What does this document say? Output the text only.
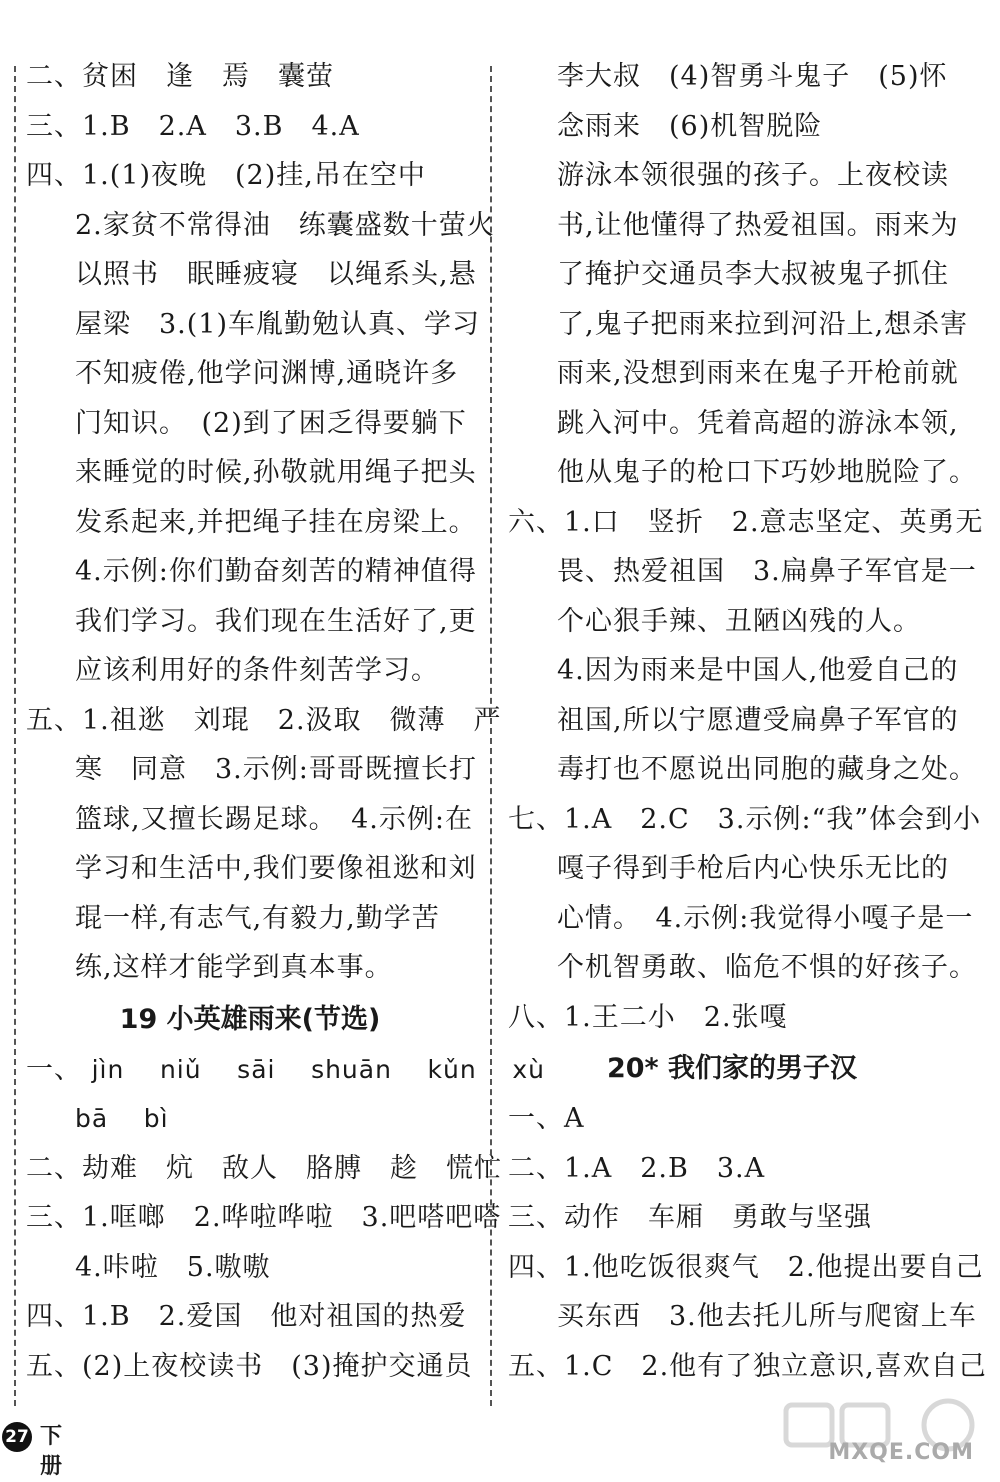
二、贫困　逢　焉　囊萤

三、1.B　2.A　3.B　4.A

四、1.(1)夜晚　(2)挂,吊在空中

2.家贫不常得油　练囊盛数十萤火

以照书　眠睡疲寝　以绳系头,悬

屋梁　3.(1)车胤勤勉认真、学习

不知疲倦,他学问渊博,通晓许多

门知识。　(2)到了困乏得要躺下

来睡觉的时候,孙敬就用绳子把头

发系起来,并把绳子挂在房梁上。

4.示例:你们勤奋刻苦的精神值得

我们学习。我们现在生活好了,更

应该利用好的条件刻苦学习。

五、1.祖逖　刘琨　2.汲取　微薄　严

寒　同意　3.示例:哥哥既擅长打

篮球,又擅长踢足球。　4.示例:在

学习和生活中,我们要像祖逖和刘

琨一样,有志气,有毅力,勤学苦

练,这样才能学到真本事。

19 小英雄雨来(节选)

一、 jìn niǔ sāi shuān kǔn xù

bā bì

二、劫难　炕　敌人　胳膊　趁　慌忙

三、1.哐啷　2.哗啦哗啦　3.吧嗒吧嗒

4.咔啦　5.嗷嗷

四、1.B　2.爱国　他对祖国的热爱

五、(2)上夜校读书　(3)掩护交通员

李大叔　(4)智勇斗鬼子　(5)怀

念雨来　(6)机智脱险

游泳本领很强的孩子。上夜校读

书,让他懂得了热爱祖国。雨来为

了掩护交通员李大叔被鬼子抓住

了,鬼子把雨来拉到河沿上,想杀害

雨来,没想到雨来在鬼子开枪前就

跳入河中。凭着高超的游泳本领,

他从鬼子的枪口下巧妙地脱险了。

六、1.口　竖折　2.意志坚定、英勇无

畏、热爱祖国　3.扁鼻子军官是一

个心狠手辣、丑陋凶残的人。

4.因为雨来是中国人,他爱自己的

祖国,所以宁愿遭受扁鼻子军官的

毒打也不愿说出同胞的藏身之处。

七、1.A　2.C　3.示例:“我”体会到小

嘎子得到手枪后内心快乐无比的

心情。　4.示例:我觉得小嘎子是一

个机智勇敢、临危不惧的好孩子。

八、1.王二小　2.张嘎

20* 我们家的男子汉

一、A

二、1.A　2.B　3.A

三、动作　车厢　勇敢与坚强

四、1.他吃饭很爽气　2.他提出要自己

买东西　3.他去托儿所与爬窗上车

五、1.C　2.他有了独立意识,喜欢自己

27 下册
MXQE.COM
